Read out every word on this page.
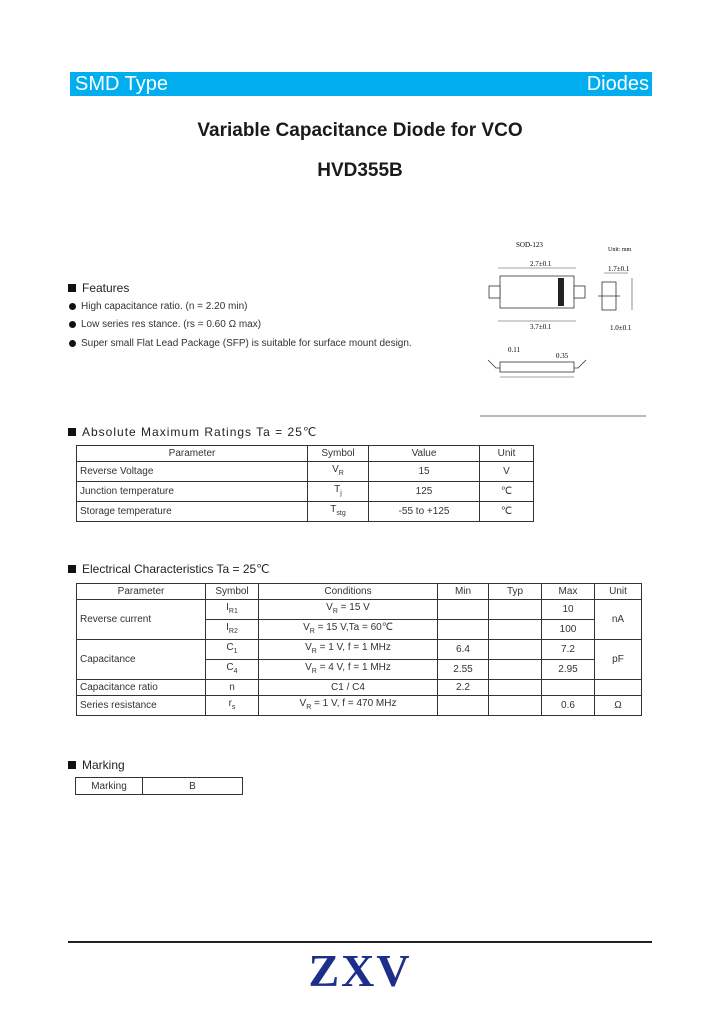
SMD Type	Diodes
Variable Capacitance Diode for VCO
HVD355B
SOD-123
Unit: mm
2.7±0.1
3.7±0.1
1.7±0.1
1.0±0.1
0.11
0.35
Features
High capacitance ratio. (n = 2.20 min)
Low series res stance. (rs = 0.60 Ω max)
Super small Flat Lead Package (SFP) is suitable for surface mount design.
Absolute Maximum Ratings Ta = 25℃
Parameter	Symbol	Value	Unit
Reverse Voltage	$V_R$	15	V
Junction temperature	$T_j$	125	℃
Storage temperature	$T_{stg}$	-55 to +125	℃
Electrical Characteristics Ta = 25℃
Parameter	Symbol	Conditions	Min	Typ	Max	Unit
Reverse current	$I_{R1}$	$V_R = 15$ V			10	nA
	$I_{R2}$	$V_R = 15$ V,Ta = 60℃			100	
Capacitance	$C_1$	$V_R = 1$ V, f = 1 MHz	6.4		7.2	pF
	$C_4$	$V_R = 4$ V, f = 1 MHz	2.55		2.95	
Capacitance ratio	n	C1 / C4	2.2			
Series resistance	$r_s$	$V_R = 1$ V, f = 470 MHz			0.6	Ω
Marking
Marking	B
ZXV
